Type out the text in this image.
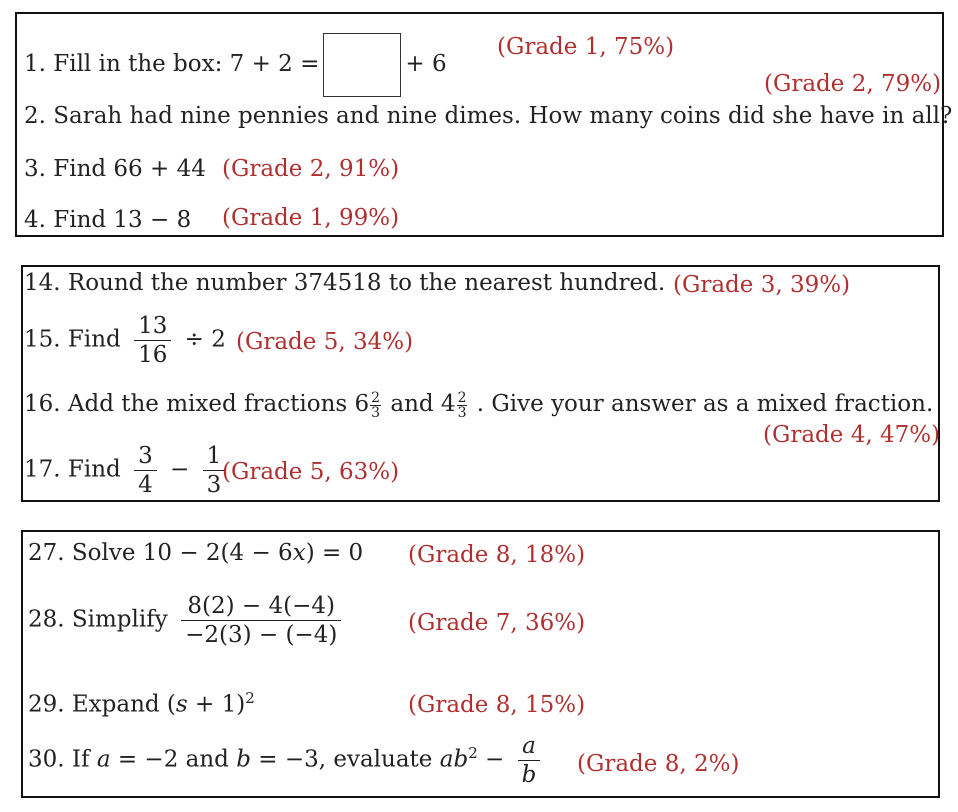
1. Fill in the box: 7 + 2 =	+ 6
(Grade 1, 75%)
(Grade 2, 79%)
2. Sarah had nine pennies and nine dimes. How many coins did she have in all?
3. Find 66 + 44 (Grade 2, 91%)
4. Find 13 − 8 (Grade 1, 99%)
14. Round the number 374518 to the nearest hundred. (Grade 3, 39%)
15. Find $\frac{13}{16} \div 2$ (Grade 5, 34%)
16. Add the mixed fractions $6 \frac{2}{3}$ and $4 \frac{2}{3}$ . Give your answer as a mixed fraction.
(Grade 4, 47%)
17. Find $\frac{3}{4} - \frac{1}{3}$
(Grade 5, 63%)
27. Solve 10 − 2(4 − 6x) = 0 (Grade 8, 18%)
28. Simplify $\frac{8(2) - 4(-4)}{-2(3) - (-4)}$	(Grade 7, 36%)
29. Expand $(s + 1)^2$	(Grade 8, 15%)
30. If a = −2 and b = −3, evaluate $ab^2 - \frac{a}{b}$ (Grade 8, 2%)
